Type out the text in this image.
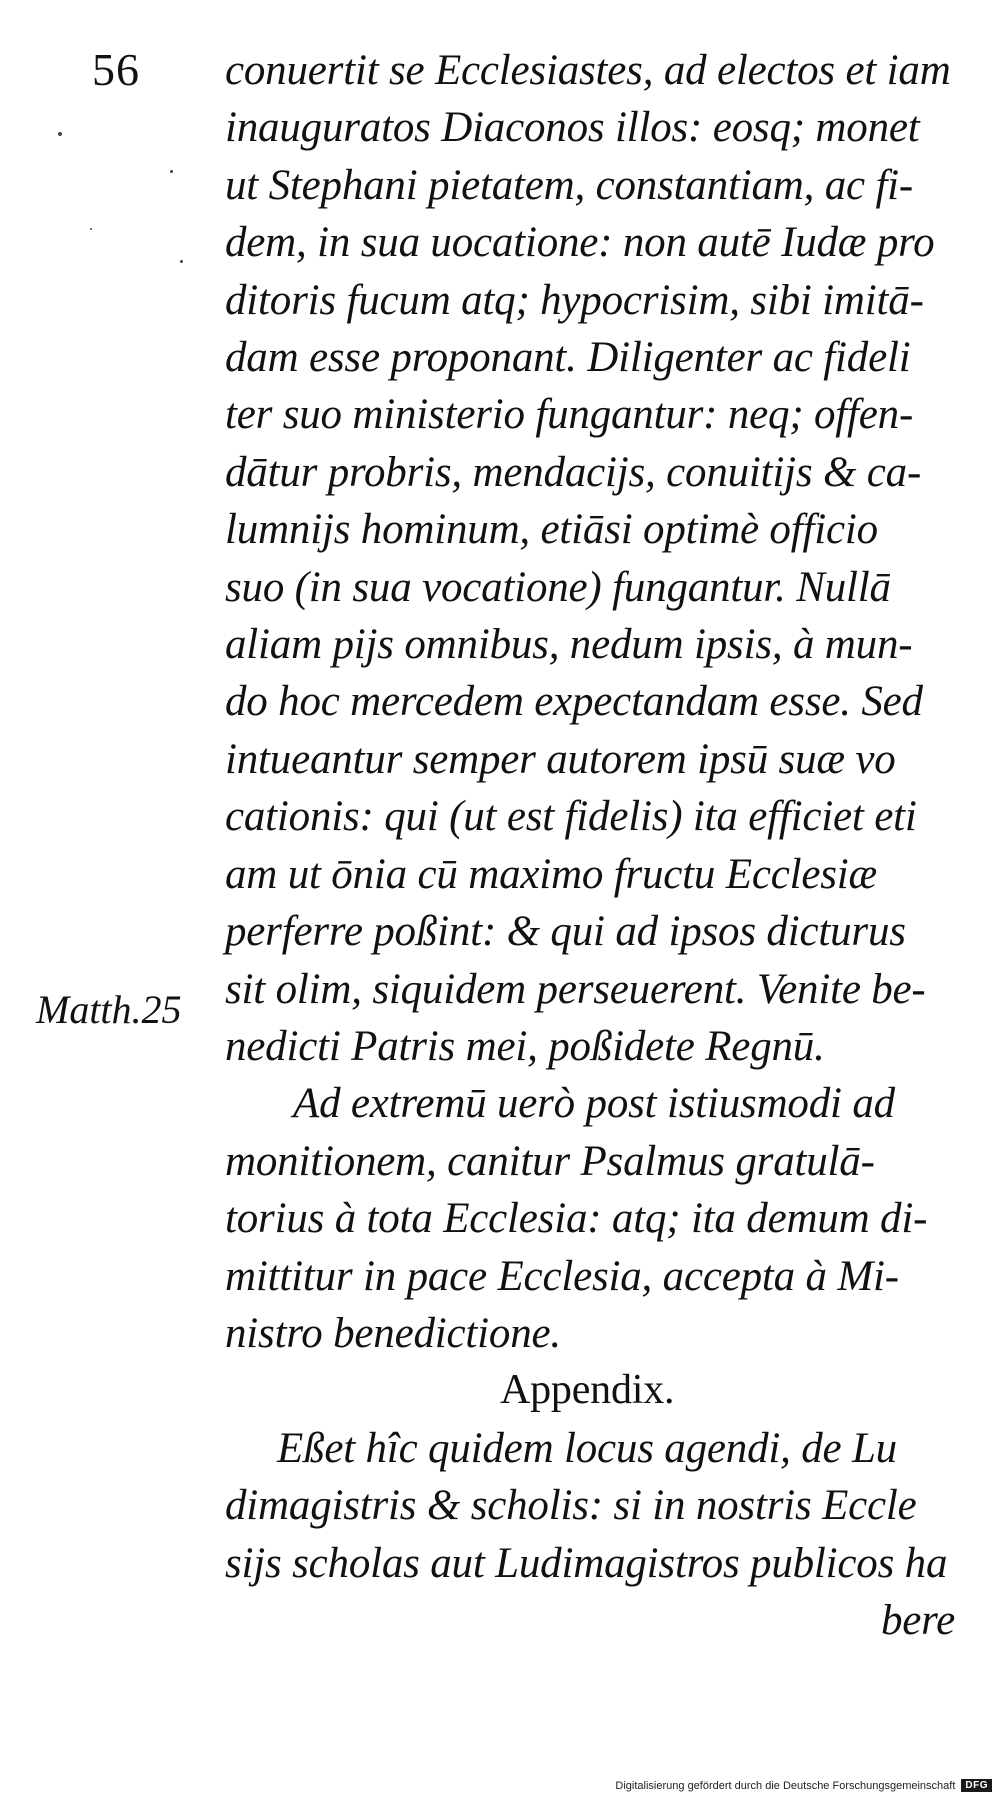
56
Matth.25
conuertit se Ecclesiastes, ad electos et iam
inauguratos Diaconos illos: eosq; monet
ut Stephani pietatem, constantiam, ac fi-
dem, in sua uocatione: non autē Iudæ pro
ditoris fucum atq; hypocrisim, sibi imitā-
dam esse proponant. Diligenter ac fideli
ter suo ministerio fungantur: neq; offen-
dātur probris, mendacijs, conuitijs & ca-
lumnijs hominum, etiāsi optimè officio
suo (in sua vocatione) fungantur. Nullā
aliam pijs omnibus, nedum ipsis, à mun-
do hoc mercedem expectandam esse. Sed
intueantur semper autorem ipsū suæ vo
cationis: qui (ut est fidelis) ita efficiet eti
am ut ōnia cū maximo fructu Ecclesiæ
perferre poßint: & qui ad ipsos dicturus
sit olim, siquidem perseuerent. Venite be-
nedicti Patris mei, poßidete Regnū.
Ad extremū uerò post istiusmodi ad
monitionem, canitur Psalmus gratulā-
torius à tota Ecclesia: atq; ita demum di-
mittitur in pace Ecclesia, accepta à Mi-
nistro benedictione.
Appendix.
Eßet hîc quidem locus agendi, de Lu
dimagistris & scholis: si in nostris Eccle
sijs scholas aut Ludimagistros publicos ha
bere
Digitalisierung gefördert durch die Deutsche Forschungsgemeinschaft	DFG
